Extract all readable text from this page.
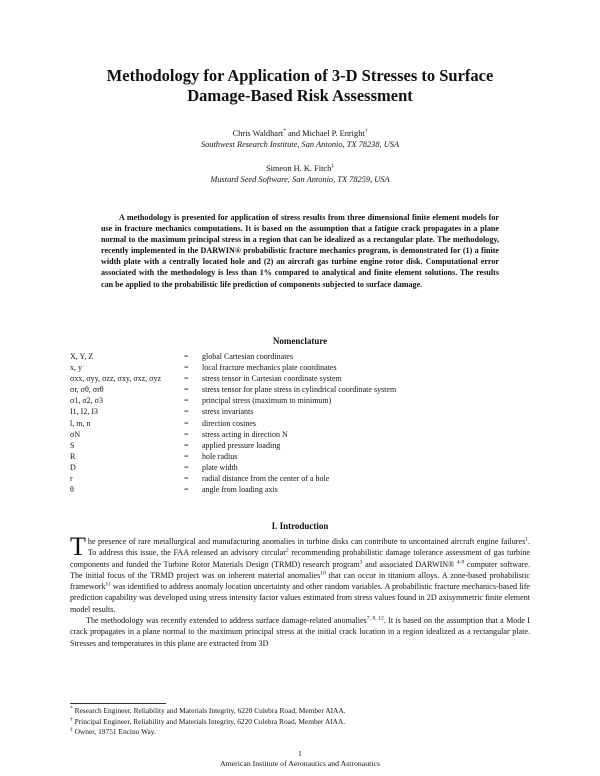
Methodology for Application of 3-D Stresses to Surface
Damage-Based Risk Assessment
Chris Waldhart* and Michael P. Enright†
Southwest Research Institute, San Antonio, TX 78238, USA
Simeon H. K. Fitch‡
Mustard Seed Software, San Antonio, TX 78259, USA
A methodology is presented for application of stress results from three dimensional finite element models for use in fracture mechanics computations. It is based on the assumption that a fatigue crack propagates in a plane normal to the maximum principal stress in a region that can be idealized as a rectangular plate. The methodology, recently implemented in the DARWIN® probabilistic fracture mechanics program, is demonstrated for (1) a finite width plate with a centrally located hole and (2) an aircraft gas turbine engine rotor disk. Computational error associated with the methodology is less than 1% compared to analytical and finite element solutions. The results can be applied to the probabilistic life prediction of components subjected to surface damage.
Nomenclature
X, Y, Z	=	global Cartesian coordinates
x, y	=	local fracture mechanics plate coordinates
σxx, σyy, σzz, σxy, σxz, σyz	=	stress tensor in Cartesian coordinate system
σr, σθ, σrθ	=	stress tensor for plane stress in cylindrical coordinate system
σ1, σ2, σ3	=	principal stress (maximum to minimum)
I1, I2, I3	=	stress invariants
l, m, n	=	direction cosines
σN	=	stress acting in direction N
S	=	applied pressure loading
R	=	hole radius
D	=	plate width
r	=	radial distance from the center of a hole
θ	=	angle from loading axis
I. Introduction

The presence of rare metallurgical and manufacturing anomalies in turbine disks can contribute to uncontained aircraft engine failures$^1$. To address this issue, the FAA released an advisory circular$^2$ recommending probabilistic damage tolerance assessment of gas turbine components and funded the Turbine Rotor Materials Design (TRMD) research program$^3$ and associated DARWIN® $^{4-9}$ computer software. The initial focus of the TRMD project was on inherent material anomalies$^{10}$ that can occur in titanium alloys. A zone-based probabilistic framework$^{11}$ was identified to address anomaly location uncertainty and other random variables. A probabilistic fracture mechanics-based life prediction capability was developed using stress intensity factor values estimated from stress values found in 2D axisymmetric finite element model results.

The methodology was recently extended to address surface damage-related anomalies$^{7, 8, 12}$. It is based on the assumption that a Mode I crack propagates in a plane normal to the maximum principal stress at the initial crack location in a region idealized as a rectangular plate. Stresses and temperatures in this plane are extracted from 3D

* Research Engineer, Reliability and Materials Integrity, 6220 Culebra Road, Member AIAA.
† Principal Engineer, Reliability and Materials Integrity, 6220 Culebra Road, Member AIAA.
‡ Owner, 19751 Encino Way.
1
American Institute of Aeronautics and Astronautics
